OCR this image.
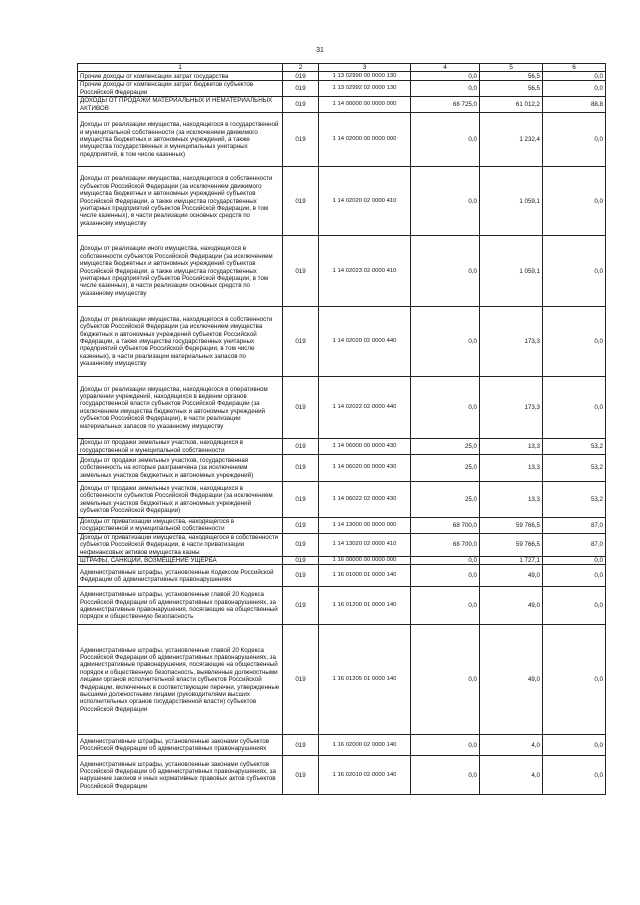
31
1	2	3	4	5	6
Прочие доходы от компенсации затрат государства	019	1 13 02990 00 0000 130	0,0	56,5	0,0
Прочие доходы от компенсации затрат бюджетов субъектов Российской Федерации	019	1 13 02992 02 0000 130	0,0	56,5	0,0
ДОХОДЫ ОТ ПРОДАЖИ МАТЕРИАЛЬНЫХ И НЕМАТЕРИАЛЬНЫХ АКТИВОВ	019	1 14 00000 00 0000 000	68 725,0	61 012,2	88,8
Доходы от реализации имущества, находящегося в государственной и муниципальной собственности (за исключением движимого имущества бюджетных и автономных учреждений, а также имущества государственных и муниципальных унитарных предприятий, в том числе казенных)	019	1 14 02000 00 0000 000	0,0	1 232,4	0,0
Доходы от реализации имущества, находящегося в собственности субъектов Российской Федерации (за исключением движимого имущества бюджетных и автономных учреждений субъектов Российской Федерации, а также имущества государственных унитарных предприятий субъектов Российской Федерации, в том числе казенных), в части реализации основных средств по указанному имуществу	019	1 14 02020 02 0000 410	0,0	1 059,1	0,0
Доходы от реализации иного имущества, находящегося в собственности субъектов Российской Федерации (за исключением имущества бюджетных и автономных учреждений субъектов Российской Федерации, а также имущества государственных унитарных предприятий субъектов Российской Федерации, в том числе казенных), в части реализации основных средств по указанному имуществу	019	1 14 02023 02 0000 410	0,0	1 059,1	0,0
Доходы от реализации имущества, находящегося в собственности субъектов Российской Федерации (за исключением имущества бюджетных и автономных учреждений субъектов Российской Федерации, а также имущества государственных унитарных предприятий субъектов Российской Федерации, в том числе казенных), в части реализации материальных запасов по указанному имуществу	019	1 14 02020 02 0000 440	0,0	173,3	0,0
Доходы от реализации имущества, находящегося в оперативном управлении учреждений, находящихся в ведении органов государственной власти субъектов Российской Федерации (за исключением имущества бюджетных и автономных учреждений субъектов Российской Федерации), в части реализации материальных запасов по указанному имуществу	019	1 14 02022 02 0000 440	0,0	173,3	0,0
Доходы от продажи земельных участков, находящихся в государственной и муниципальной собственности	019	1 14 06000 00 0000 430	25,0	13,3	53,2
Доходы от продажи земельных участков, государственная собственность на которые разграничена (за исключением земельных участков бюджетных и автономных учреждений)	019	1 14 06020 00 0000 430	25,0	13,3	53,2
Доходы от продажи земельных участков, находящихся в собственности субъектов Российской Федерации (за исключением земельных участков бюджетных и автономных учреждений субъектов Российской Федерации)	019	1 14 06022 02 0000 430	25,0	13,3	53,2
Доходы от приватизации имущества, находящегося в государственной и муниципальной собственности	019	1 14 13000 00 0000 000	68 700,0	59 766,5	87,0
Доходы от приватизации имущества, находящегося в собственности субъектов Российской Федерации, в части приватизации нефинансовых активов имущества казны	019	1 14 13020 02 0000 410	68 700,0	59 766,5	87,0
ШТРАФЫ, САНКЦИИ, ВОЗМЕЩЕНИЕ УЩЕРБА	019	1 16 00000 00 0000 000	0,0	1 727,1	0,0
Административные штрафы, установленные Кодексом Российской Федерации об административных правонарушениях	019	1 16 01000 01 0000 140	0,0	49,0	0,0
Административные штрафы, установленные главой 20 Кодекса Российской Федерации об административных правонарушениях, за административные правонарушения, посягающие на общественный порядок и общественную безопасность	019	1 16 01200 01 0000 140	0,0	49,0	0,0
Административные штрафы, установленные главой 20 Кодекса Российской Федерации об административных правонарушениях, за административные правонарушения, посягающие на общественный порядок и общественную безопасность, выявленные должностными лицами органов исполнительной власти субъектов Российской Федерации, включенных в соответствующие перечни, утвержденные высшими должностными лицами (руководителями высших исполнительных органов государственной власти) субъектов Российской Федерации	019	1 16 01205 01 0000 140	0,0	49,0	0,0
Административные штрафы, установленные законами субъектов Российской Федерации об административных правонарушениях	019	1 16 02000 02 0000 140	0,0	4,0	0,0
Административные штрафы, установленные законами субъектов Российской Федерации об административных правонарушениях, за нарушение законов и иных нормативных правовых актов субъектов Российской Федерации	019	1 16 02010 02 0000 140	0,0	4,0	0,0
